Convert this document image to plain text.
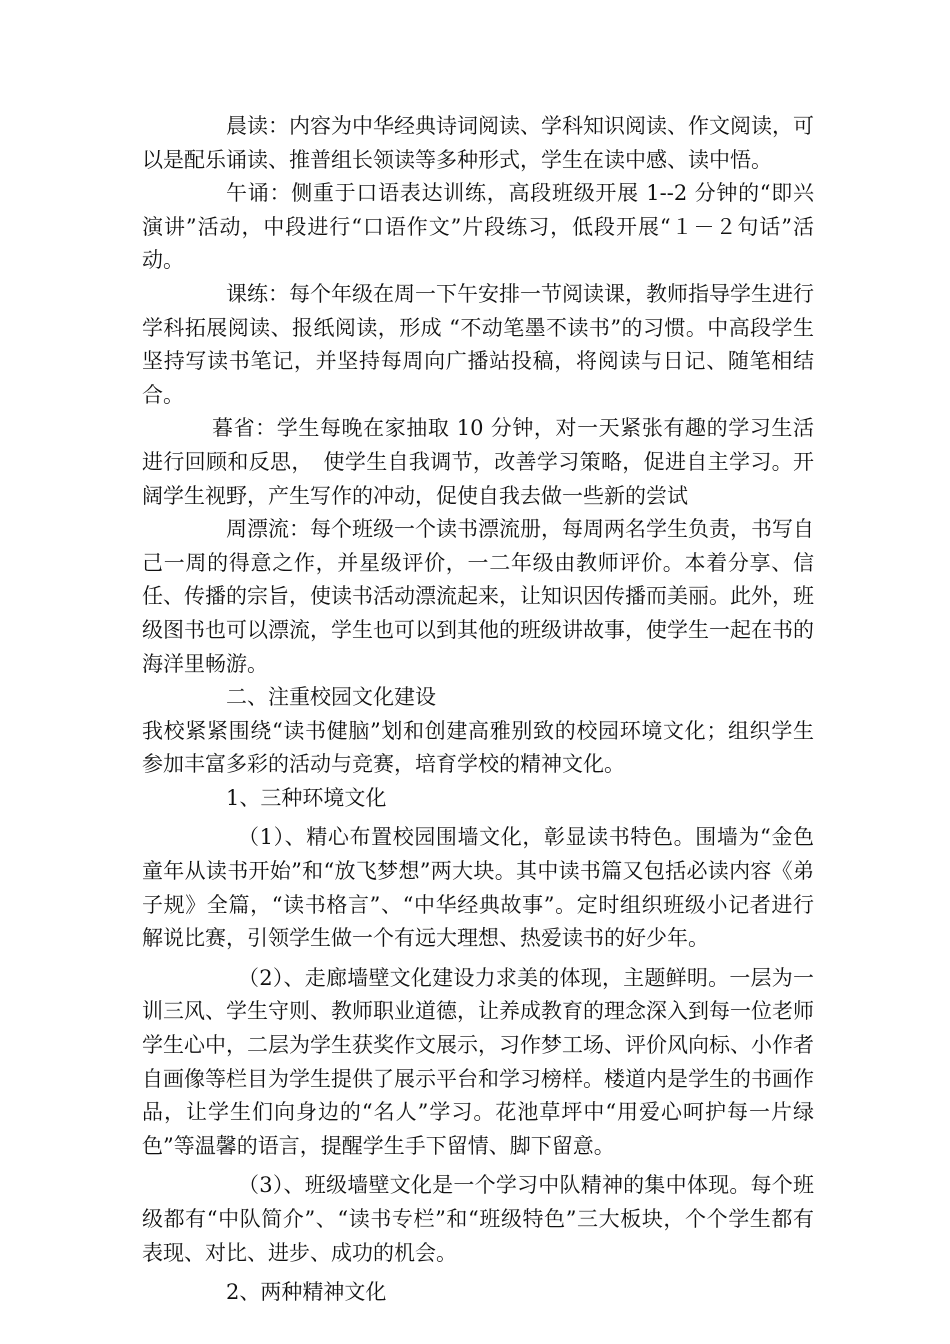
晨读：内容为中华经典诗词阅读、学科知识阅读、作文阅读，可以是配乐诵读、推普组长领读等多种形式，学生在读中感、读中悟。

午诵：侧重于口语表达训练，高段班级开展 1--2 分钟的“即兴演讲”活动，中段进行“口语作文”片段练习，低段开展“１－２句话”活动。

课练：每个年级在周一下午安排一节阅读课，教师指导学生进行学科拓展阅读、报纸阅读，形成 “不动笔墨不读书”的习惯。中高段学生坚持写读书笔记，并坚持每周向广播站投稿，将阅读与日记、随笔相结合。

暮省：学生每晚在家抽取 10 分钟，对一天紧张有趣的学习生活进行回顾和反思，　使学生自我调节，改善学习策略，促进自主学习。开阔学生视野，产生写作的冲动，促使自我去做一些新的尝试

周漂流：每个班级一个读书漂流册，每周两名学生负责，书写自己一周的得意之作，并星级评价，一二年级由教师评价。本着分享、信任、传播的宗旨，使读书活动漂流起来，让知识因传播而美丽。此外，班级图书也可以漂流，学生也可以到其他的班级讲故事，使学生一起在书的海洋里畅游。

二、注重校园文化建设

我校紧紧围绕“读书健脑”划和创建高雅别致的校园环境文化；组织学生参加丰富多彩的活动与竞赛，培育学校的精神文化。

1、三种环境文化

（1）、精心布置校园围墙文化，彰显读书特色。围墙为“金色童年从读书开始”和“放飞梦想”两大块。其中读书篇又包括必读内容《弟子规》全篇，“读书格言”、“中华经典故事”。定时组织班级小记者进行解说比赛，引领学生做一个有远大理想、热爱读书的好少年。

（2）、走廊墙壁文化建设力求美的体现，主题鲜明。一层为一训三风、学生守则、教师职业道德，让养成教育的理念深入到每一位老师学生心中，二层为学生获奖作文展示，习作梦工场、评价风向标、小作者自画像等栏目为学生提供了展示平台和学习榜样。楼道内是学生的书画作品，让学生们向身边的“名人”学习。花池草坪中“用爱心呵护每一片绿色”等温馨的语言，提醒学生手下留情、脚下留意。

（3）、班级墙壁文化是一个学习中队精神的集中体现。每个班级都有“中队简介”、“读书专栏”和“班级特色”三大板块，个个学生都有表现、对比、进步、成功的机会。

2、两种精神文化
